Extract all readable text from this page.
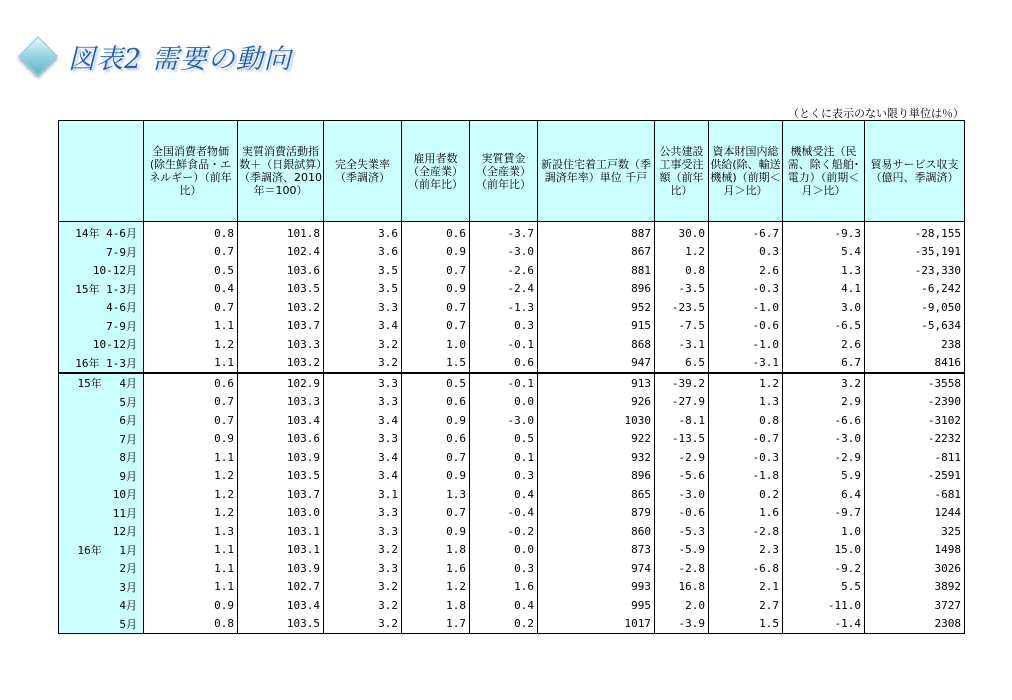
図表2 需要の動向
（とくに表示のない限り単位は％）
	全国消費者物価(除生鮮食品・エネルギー）（前年比）	実質消費活動指数＋（日銀試算）（季調済、2010年＝100）	完全失業率（季調済）	雇用者数（全産業）（前年比）	実質賃金（全産業）（前年比）	新設住宅着工戸数（季調済年率）単位 千戸	公共建設工事受注額（前年比）	資本財国内総供給(除、輸送機械)（前期＜月＞比）	機械受注（民需、除く船舶･電力）（前期＜月＞比）	貿易サービス収支（億円、季調済）
14年 4-6月	0.8	101.8	3.6	0.6	-3.7	887	30.0	-6.7	-9.3	-28,155
7-9月	0.7	102.4	3.6	0.9	-3.0	867	1.2	0.3	5.4	-35,191
10-12月	0.5	103.6	3.5	0.7	-2.6	881	0.8	2.6	1.3	-23,330
15年 1-3月	0.4	103.5	3.5	0.9	-2.4	896	-3.5	-0.3	4.1	-6,242
4-6月	0.7	103.2	3.3	0.7	-1.3	952	-23.5	-1.0	3.0	-9,050
7-9月	1.1	103.7	3.4	0.7	0.3	915	-7.5	-0.6	-6.5	-5,634
10-12月	1.2	103.3	3.2	1.0	-0.1	868	-3.1	-1.0	2.6	238
16年 1-3月	1.1	103.2	3.2	1.5	0.6	947	6.5	-3.1	6.7	8416
15年　 4月	0.6	102.9	3.3	0.5	-0.1	913	-39.2	1.2	3.2	-3558
5月	0.7	103.3	3.3	0.6	0.0	926	-27.9	1.3	2.9	-2390
6月	0.7	103.4	3.4	0.9	-3.0	1030	-8.1	0.8	-6.6	-3102
7月	0.9	103.6	3.3	0.6	0.5	922	-13.5	-0.7	-3.0	-2232
8月	1.1	103.9	3.4	0.7	0.1	932	-2.9	-0.3	-2.9	-811
9月	1.2	103.5	3.4	0.9	0.3	896	-5.6	-1.8	5.9	-2591
10月	1.2	103.7	3.1	1.3	0.4	865	-3.0	0.2	6.4	-681
11月	1.2	103.0	3.3	0.7	-0.4	879	-0.6	1.6	-9.7	1244
12月	1.3	103.1	3.3	0.9	-0.2	860	-5.3	-2.8	1.0	325
16年　 1月	1.1	103.1	3.2	1.8	0.0	873	-5.9	2.3	15.0	1498
2月	1.1	103.9	3.3	1.6	0.3	974	-2.8	-6.8	-9.2	3026
3月	1.1	102.7	3.2	1.2	1.6	993	16.8	2.1	5.5	3892
4月	0.9	103.4	3.2	1.8	0.4	995	2.0	2.7	-11.0	3727
5月	0.8	103.5	3.2	1.7	0.2	1017	-3.9	1.5	-1.4	2308
